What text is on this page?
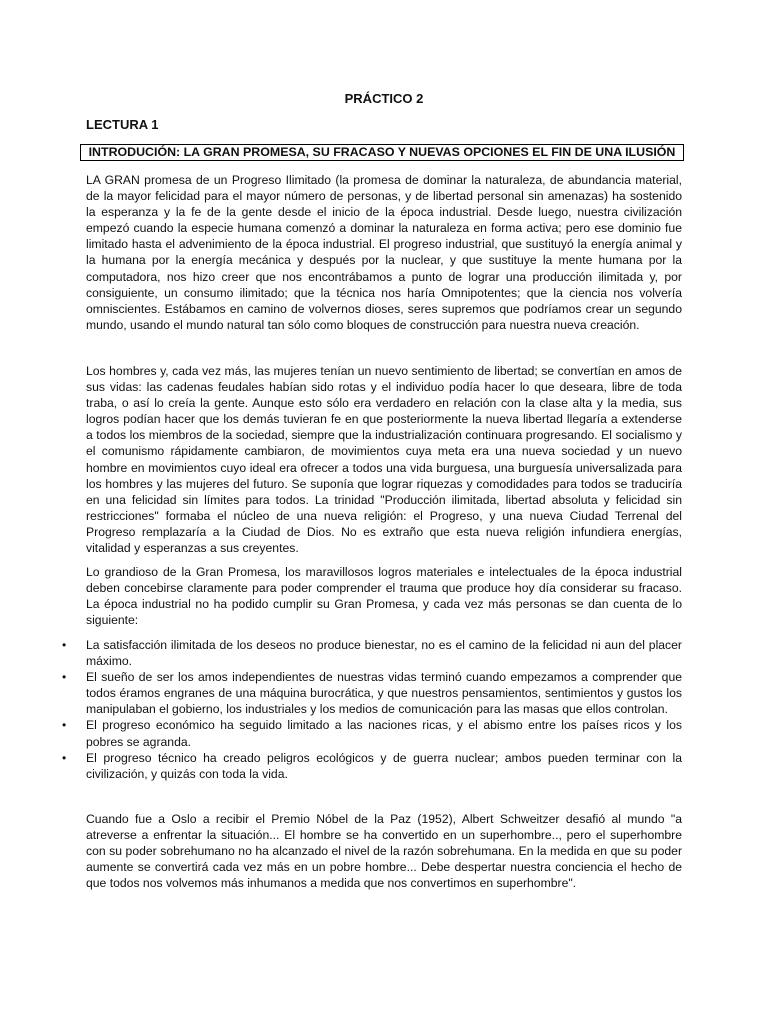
PRÁCTICO 2
LECTURA 1
INTRODUCIÓN: LA GRAN PROMESA, SU FRACASO Y NUEVAS OPCIONES EL FIN DE UNA ILUSIÓN

LA GRAN promesa de un Progreso Ilimitado (la promesa de dominar la naturaleza, de abundancia material, de la mayor felicidad para el mayor número de personas, y de libertad personal sin amenazas) ha sostenido la esperanza y la fe de la gente desde el inicio de la época industrial. Desde luego, nuestra civilización empezó cuando la especie humana comenzó a dominar la naturaleza en forma activa; pero ese dominio fue limitado hasta el advenimiento de la época industrial. El progreso industrial, que sustituyó la energía animal y la humana por la energía mecánica y después por la nuclear, y que sustituye la mente humana por la computadora, nos hizo creer que nos encontrábamos a punto de lograr una producción ilimitada y, por consiguiente, un consumo ilimitado; que la técnica nos haría Omnipotentes; que la ciencia nos volvería omniscientes. Estábamos en camino de volvernos dioses, seres supremos que podríamos crear un segundo mundo, usando el mundo natural tan sólo como bloques de construcción para nuestra nueva creación.

Los hombres y, cada vez más, las mujeres tenían un nuevo sentimiento de libertad; se convertían en amos de sus vidas: las cadenas feudales habían sido rotas y el individuo podía hacer lo que deseara, libre de toda traba, o así lo creía la gente. Aunque esto sólo era verdadero en relación con la clase alta y la media, sus logros podían hacer que los demás tuvieran fe en que posteriormente la nueva libertad llegaría a extenderse a todos los miembros de la sociedad, siempre que la industrialización continuara progresando. El socialismo y el comunismo rápidamente cambiaron, de movimientos cuya meta era una nueva sociedad y un nuevo hombre en movimientos cuyo ideal era ofrecer a todos una vida burguesa, una burguesía universalizada para los hombres y las mujeres del futuro. Se suponía que lograr riquezas y comodidades para todos se traduciría en una felicidad sin límites para todos. La trinidad "Producción ilimitada, libertad absoluta y felicidad sin restricciones" formaba el núcleo de una nueva religión: el Progreso, y una nueva Ciudad Terrenal del Progreso remplazaría a la Ciudad de Dios. No es extraño que esta nueva religión infundiera energías, vitalidad y esperanzas a sus creyentes.

Lo grandioso de la Gran Promesa, los maravillosos logros materiales e intelectuales de la época industrial deben concebirse claramente para poder comprender el trauma que produce hoy día considerar su fracaso. La época industrial no ha podido cumplir su Gran Promesa, y cada vez más personas se dan cuenta de lo siguiente:

• La satisfacción ilimitada de los deseos no produce bienestar, no es el camino de la felicidad ni aun del placer máximo.
• El sueño de ser los amos independientes de nuestras vidas terminó cuando empezamos a comprender que todos éramos engranes de una máquina burocrática, y que nuestros pensamientos, sentimientos y gustos los manipulaban el gobierno, los industriales y los medios de comunicación para las masas que ellos controlan.
• El progreso económico ha seguido limitado a las naciones ricas, y el abismo entre los países ricos y los pobres se agranda.
• El progreso técnico ha creado peligros ecológicos y de guerra nuclear; ambos pueden terminar con la civilización, y quizás con toda la vida.

Cuando fue a Oslo a recibir el Premio Nóbel de la Paz (1952), Albert Schweitzer desafió al mundo "a atreverse a enfrentar la situación... El hombre se ha convertido en un superhombre.., pero el superhombre con su poder sobrehumano no ha alcanzado el nivel de la razón sobrehumana. En la medida en que su poder aumente se convertirá cada vez más en un pobre hombre... Debe despertar nuestra conciencia el hecho de que todos nos volvemos más inhumanos a medida que nos convertimos en superhombre".
